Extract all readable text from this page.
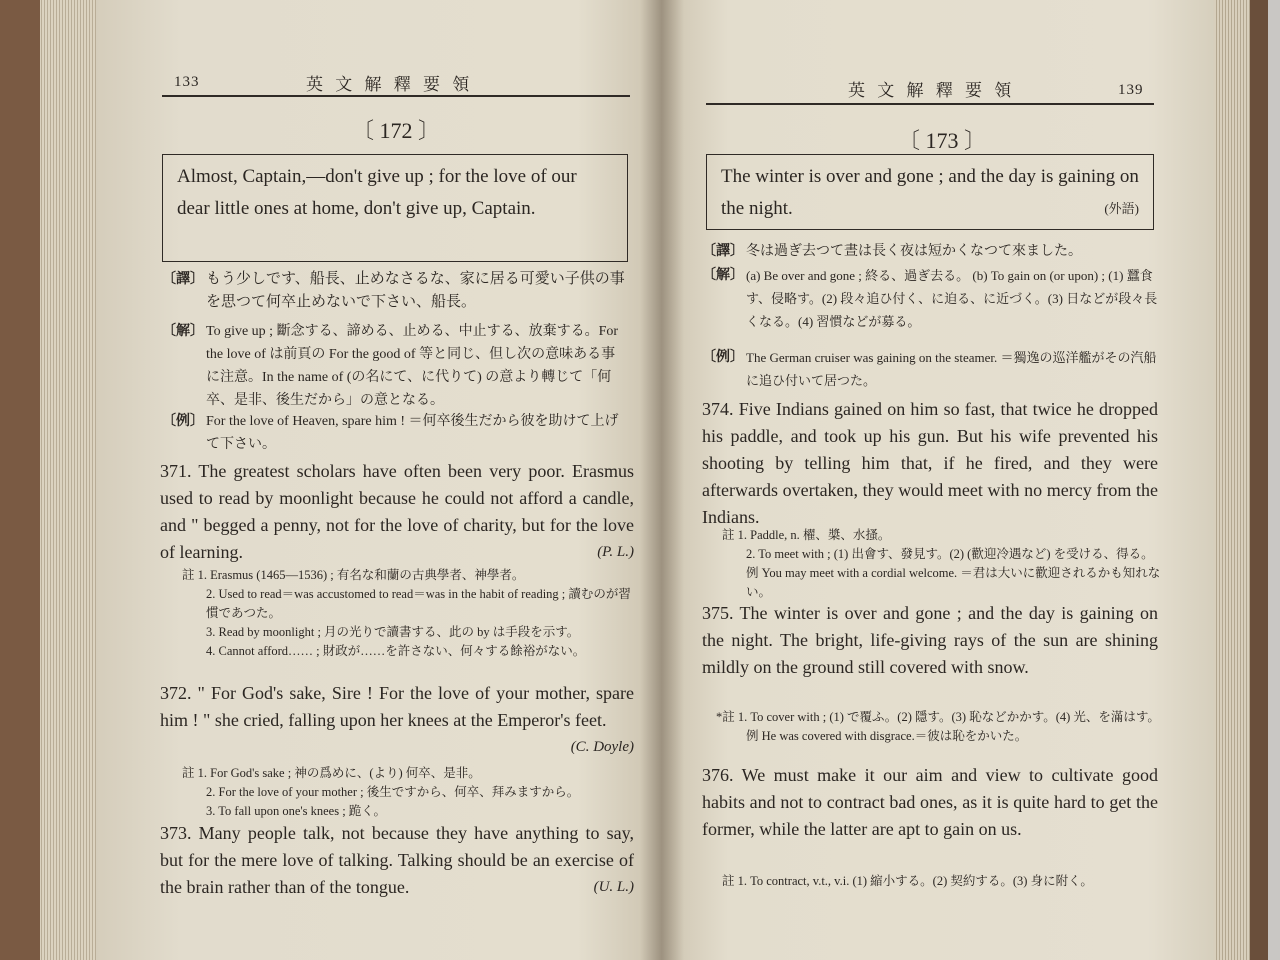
133	英 文 解 釋 要 領
〔 172 〕
Almost, Captain,—don't give up ; for the love of our dear little ones at home, don't give up, Captain.
〔譯〕 もう少しです、船長、止めなさるな、家に居る可愛い子供の事を思つて何卒止めないで下さい、船長。
〔解〕 To give up ; 斷念する、諦める、止める、中止する、放棄する。For the love of は前頁の For the good of 等と同じ、但し次の意味ある事に注意。In the name of (の名にて、に代りて) の意より轉じて「何卒、是非、後生だから」の意となる。
〔例〕 For the love of Heaven, spare him ! ＝何卒後生だから彼を助けて上げて下さい。
371. The greatest scholars have often been very poor. Erasmus used to read by moonlight because he could not afford a candle, and " begged a penny, not for the love of charity, but for the love of learning.	(P. L.)
註 1. Erasmus (1465—1536) ; 有名な和蘭の古典學者、神學者。
2. Used to read＝was accustomed to read＝was in the habit of reading ; 讀むのが習慣であつた。
3. Read by moonlight ; 月の光りで讀書する、此の by は手段を示す。
4. Cannot afford…… ; 財政が……を許さない、何々する餘裕がない。
372. " For God's sake, Sire ! For the love of your mother, spare him ! " she cried, falling upon her knees at the Emperor's feet.
(C. Doyle)
註 1. For God's sake ; 神の爲めに、(より) 何卒、是非。
2. For the love of your mother ; 後生ですから、何卒、拜みますから。
3. To fall upon one's knees ; 跪く。
373. Many people talk, not because they have anything to say, but for the mere love of talking. Talking should be an exercise of the brain rather than of the tongue.	(U. L.)
英 文 解 釋 要 領	139
〔 173 〕
The winter is over and gone ; and the day is gaining on the night.	(外語)
〔譯〕 冬は過ぎ去つて晝は長く夜は短かくなつて來ました。
〔解〕 (a) Be over and gone ; 終る、過ぎ去る。 (b) To gain on (or upon) ; (1) 蠶食す、侵略す。(2) 段々追ひ付く、に迫る、に近づく。(3) 日などが段々長くなる。(4) 習慣などが募る。
〔例〕 The German cruiser was gaining on the steamer. ＝獨逸の巡洋艦がその汽船に追ひ付いて居つた。
374. Five Indians gained on him so fast, that twice he dropped his paddle, and took up his gun. But his wife prevented his shooting by telling him that, if he fired, and they were afterwards overtaken, they would meet with no mercy from the Indians.
註 1. Paddle, n. 櫂、槳、水搔。
2. To meet with ; (1) 出會す、發見す。(2) (歡迎冷遇など) を受ける、得る。
例 You may meet with a cordial welcome. ＝君は大いに歡迎されるかも知れない。
375. The winter is over and gone ; and the day is gaining on the night. The bright, life-giving rays of the sun are shining mildly on the ground still covered with snow.
*註 1. To cover with ; (1) で覆ふ。(2) 隱す。(3) 恥などかかす。(4) 光、を滿はす。
例 He was covered with disgrace.＝彼は恥をかいた。
376. We must make it our aim and view to cultivate good habits and not to contract bad ones, as it is quite hard to get the former, while the latter are apt to gain on us.
註 1. To contract, v.t., v.i. (1) 縮小する。(2) 契約する。(3) 身に附く。
